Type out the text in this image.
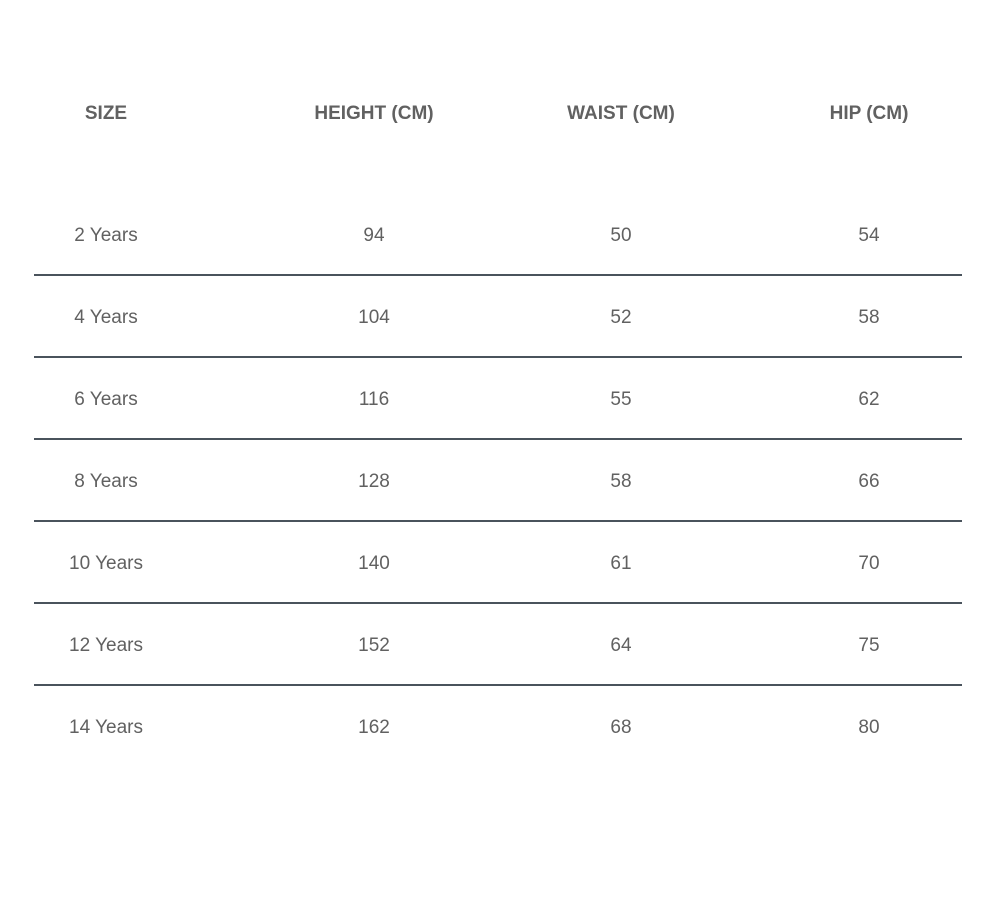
SIZE	HEIGHT (CM)	WAIST (CM)	HIP (CM)
2 Years	94	50	54
4 Years	104	52	58
6 Years	116	55	62
8 Years	128	58	66
10 Years	140	61	70
12 Years	152	64	75
14 Years	162	68	80
